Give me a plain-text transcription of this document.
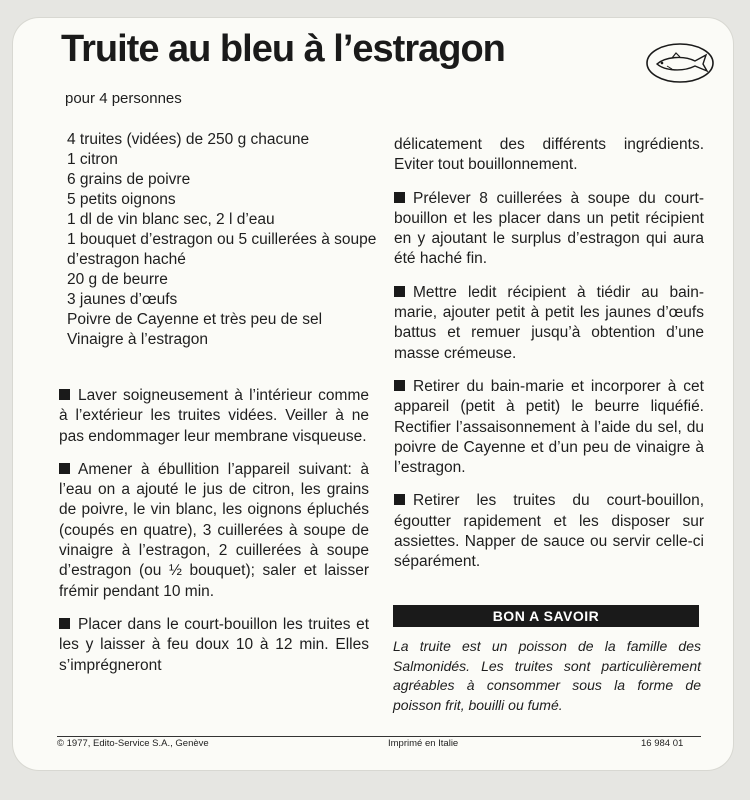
Truite au bleu à l’estragon
pour 4 personnes
4 truites (vidées) de 250 g chacune
1 citron
6 grains de poivre
5 petits oignons
1 dl de vin blanc sec, 2 l d’eau
1 bouquet d’estragon ou 5 cuillerées à soupe d’estragon haché
20 g de beurre
3 jaunes d’œufs
Poivre de Cayenne et très peu de sel
Vinaigre à l’estragon

Laver soigneusement à l’intérieur comme à l’extérieur les truites vidées. Veiller à ne pas endommager leur membrane visqueuse.

Amener à ébullition l’appareil suivant: à l’eau on a ajouté le jus de citron, les grains de poivre, le vin blanc, les oignons épluchés (coupés en quatre), 3 cuillerées à soupe de vinaigre à l’estragon, 2 cuillerées à soupe d’estragon (ou ½ bouquet); saler et laisser frémir pendant 10 min.

Placer dans le court-bouillon les truites et les y laisser à feu doux 10 à 12 min. Elles s’imprégneront

délicatement des différents ingrédients. Eviter tout bouillonnement.

Prélever 8 cuillerées à soupe du court-bouillon et les placer dans un petit récipient en y ajoutant le surplus d’estragon qui aura été haché fin.

Mettre ledit récipient à tiédir au bain-marie, ajouter petit à petit les jaunes d’œufs battus et remuer jusqu’à obtention d’une masse crémeuse.

Retirer du bain-marie et incorporer à cet appareil (petit à petit) le beurre liquéfié. Rectifier l’assaisonnement à l’aide du sel, du poivre de Cayenne et d’un peu de vinaigre à l’estragon.

Retirer les truites du court-bouillon, égoutter rapidement et les disposer sur assiettes. Napper de sauce ou servir celle-ci séparément.

BON A SAVOIR

La truite est un poisson de la famille des Salmonidés. Les truites sont particulièrement agréables à consommer sous la forme de poisson frit, bouilli ou fumé.

© 1977, Edito-Service S.A., Genève	Imprimé en Italie	16 984 01
